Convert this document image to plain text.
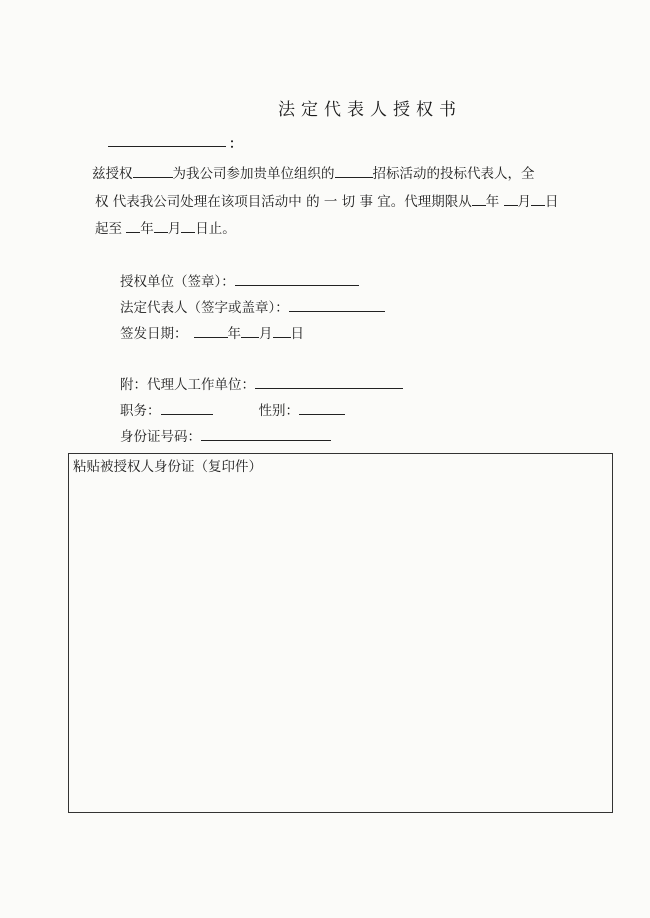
法定代表人授权书
：
兹授权	为我公司参加贵单位组织的	招标活动的投标代表人，全
权 代表我公司处理在该项目活动中 的 一 切 事 宜。代理期限从 年 月 日
起至 年 月 日止。
授权单位（签章）：
法定代表人（签字或盖章）：
签发日期：	年 月 日
附：代理人工作单位：
职务：	性别：
身份证号码：
粘贴被授权人身份证（复印件）
